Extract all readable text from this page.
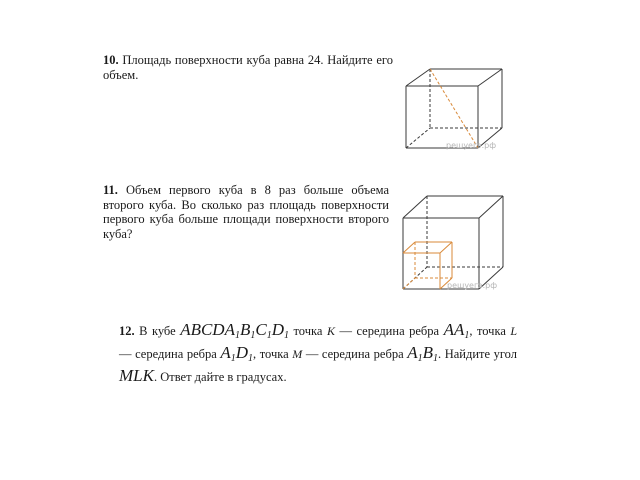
10. Площадь поверхности куба равна 24. Найдите его объем.
решуегэ.рф
11. Объем первого куба в 8 раз больше объема второго куба. Во сколько раз площадь поверхности первого куба больше площади поверхности второго куба?
решуегэ.рф
12. В кубе $ABCDA_1B_1C_1D_1$ точка K — середина ребра $AA_1$, точка L — середина ребра $A_1D_1$, точка M — середина ребра $A_1B_1$. Найдите угол MLK. Ответ дайте в градусах.
